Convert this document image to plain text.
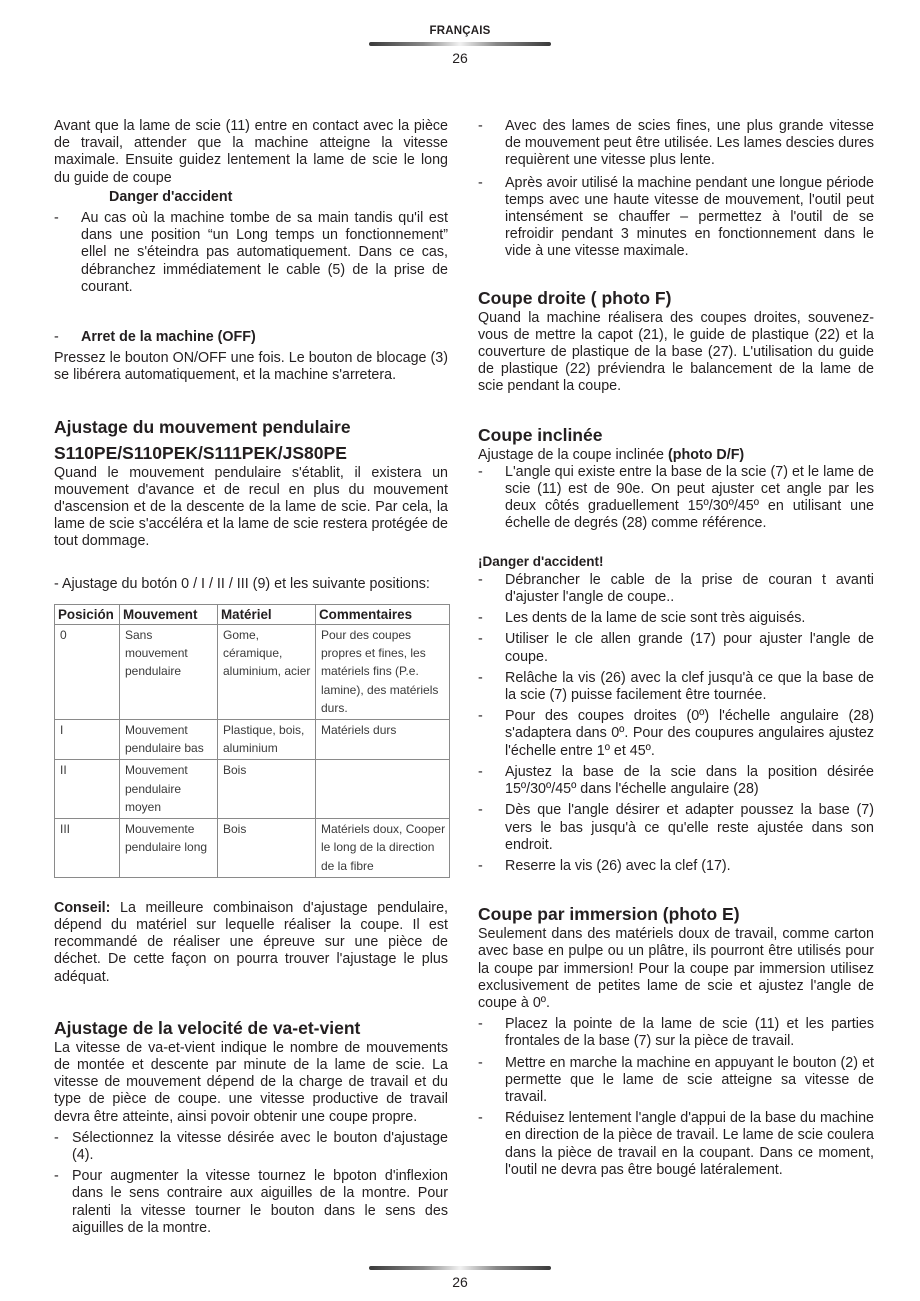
FRANÇAIS
26

Avant que la lame de scie (11) entre en contact avec la pièce de travail, attender que la machine atteigne la vitesse maximale. Ensuite guidez lentement la lame de scie le long du guide de coupe

Danger d'accident
-	Au cas où la machine tombe de sa main tandis qu'il est dans une position “un Long temps un fonctionnement” ellel ne s'éteindra pas automatiquement. Dans ce cas, débranchez immédiatement le cable (5) de la prise de courant.
-	Arret de la machine (OFF)

Pressez le bouton ON/OFF une fois. Le bouton de blocage (3) se libérera automatiquement, et la machine s'arretera.

Ajustage du mouvement pendulaire
S110PE/S110PEK/S111PEK/JS80PE

Quand le mouvement pendulaire s'établit, il existera un mouvement d'avance et de recul en plus du mouvement d'ascension et de la descente de la lame de scie. Par cela, la lame de scie s'accéléra et la lame de scie restera protégée de tout dommage.

- Ajustage du botón 0 / I / II / III (9) et les suivante positions:

Posición	Mouvement	Matériel	Commentaires
0	Sans mouvement pendulaire	Gome, céramique, aluminium, acier	Pour des coupes propres et fines, les matériels fins (P.e. lamine), des matériels durs.
I	Mouvement pendulaire bas	Plastique, bois, aluminium	Matériels durs
II	Mouvement pendulaire moyen	Bois	
III	Mouvemente pendulaire long	Bois	Matériels doux, Cooper le long de la direction de la fibre

Conseil: La meilleure combinaison d'ajustage pendulaire, dépend du matériel sur lequelle réaliser la coupe. Il est recommandé de réaliser une épreuve sur une pièce de déchet. De cette façon on pourra trouver l'ajustage le plus adéquat.

Ajustage de la velocité de va-et-vient

La vitesse de va-et-vient indique le nombre de mouvements de montée et descente par minute de la lame de scie. La vitesse de mouvement dépend de la charge de travail et du type de pièce de coupe. une vitesse productive de travail devra être atteinte, ainsi povoir obtenir une coupe propre.

- Sélectionnez la vitesse désirée avec le bouton d'ajustage (4).
- Pour augmenter la vitesse tournez le bpoton d'inflexion dans le sens contraire aux aiguilles de la montre. Pour ralenti la vitesse tourner le bouton dans le sens des aiguilles de la montre.
-	Avec des lames de scies fines, une plus grande vitesse de mouvement peut être utilisée. Les lames descies dures requièrent une vitesse plus lente.
-	Après avoir utilisé la machine pendant une longue période temps avec une haute vitesse de mouvement, l'outil peut intensément se chauffer – permettez à l'outil de se refroidir pendant 3 minutes en fonctionnement dans le vide à une vitesse maximale.
Coupe droite ( photo F)

Quand la machine réalisera des coupes droites, souvenez-vous de mettre la capot (21), le guide de plastique (22) et la couverture de plastique de la base (27). L'utilisation du guide de plastique (22) préviendra le balancement de la lame de scie pendant la coupe.

Coupe inclinée

Ajustage de la coupe inclinée (photo D/F)

-	L'angle qui existe entre la base de la scie (7) et le lame de scie (11) est de 90e. On peut ajuster cet angle par les deux côtés graduellement 15º/30º/45º en utilisant une échelle de degrés (28) comme référence.
¡Danger d'accident!
-	Débrancher le cable de la prise de couran t avanti d'ajuster l'angle de coupe..
-	Les dents de la lame de scie sont très aiguisés.
-	Utiliser le cle allen grande (17) pour ajuster l'angle de coupe.
-	Relâche la vis (26) avec la clef jusqu'à ce que la base de la scie (7) puisse facilement être tournée.
-	Pour des coupes droites (0º) l'échelle angulaire (28) s'adaptera dans 0º. Pour des coupures angulaires ajustez l'échelle entre 1º et 45º.
-	Ajustez la base de la scie dans la position désirée 15º/30º/45º dans l'échelle angulaire (28)
-	Dès que l'angle désirer et adapter poussez la base (7) vers le bas jusqu'à ce qu'elle reste ajustée dans son endroit.
-	Reserre la vis (26) avec la clef (17).
Coupe par immersion (photo E)

Seulement dans des matériels doux de travail, comme carton avec base en pulpe ou un plâtre, ils pourront être utilisés pour la coupe par immersion! Pour la coupe par immersion utilisez exclusivement de petites lame de scie et ajustez l'angle de coupe à 0º.

-	Placez la pointe de la lame de scie (11) et les parties frontales de la base (7) sur la pièce de travail.
-	Mettre en marche la machine en appuyant le bouton (2) et permette que le lame de scie atteigne sa vitesse de travail.
-	Réduisez lentement l'angle d'appui de la base du machine en direction de la pièce de travail. Le lame de scie coulera dans la pièce de travail en la coupant. Dans ce moment, l'outil ne devra pas être bougé latéralement.
26
